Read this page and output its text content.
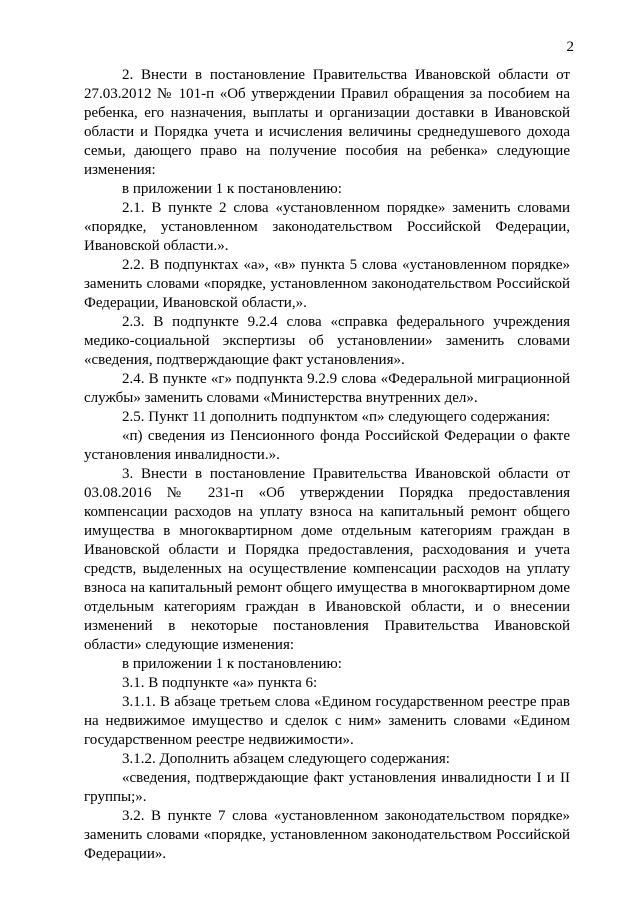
2

2. Внести в постановление Правительства Ивановской области от 27.03.2012 № 101-п «Об утверждении Правил обращения за пособием на ребенка, его назначения, выплаты и организации доставки в Ивановской области и Порядка учета и исчисления величины среднедушевого дохода семьи, дающего право на получение пособия на ребенка» следующие изменения:

в приложении 1 к постановлению:

2.1. В пункте 2 слова «установленном порядке» заменить словами «порядке, установленном законодательством Российской Федерации, Ивановской области.».

2.2. В подпунктах «а», «в» пункта 5 слова «установленном порядке» заменить словами «порядке, установленном законодательством Российской Федерации, Ивановской области,».

2.3. В подпункте 9.2.4 слова «справка федерального учреждения медико-социальной экспертизы об установлении» заменить словами «сведения, подтверждающие факт установления».

2.4. В пункте «г» подпункта 9.2.9 слова «Федеральной миграционной службы» заменить словами «Министерства внутренних дел».

2.5. Пункт 11 дополнить подпунктом «п» следующего содержания:

«п) сведения из Пенсионного фонда Российской Федерации о факте установления инвалидности.».

3. Внести в постановление Правительства Ивановской области от 03.08.2016 № 231-п «Об утверждении Порядка предоставления компенсации расходов на уплату взноса на капитальный ремонт общего имущества в многоквартирном доме отдельным категориям граждан в Ивановской области и Порядка предоставления, расходования и учета средств, выделенных на осуществление компенсации расходов на уплату взноса на капитальный ремонт общего имущества в многоквартирном доме отдельным категориям граждан в Ивановской области, и о внесении изменений в некоторые постановления Правительства Ивановской области» следующие изменения:

в приложении 1 к постановлению:

3.1. В подпункте «а» пункта 6:

3.1.1. В абзаце третьем слова «Едином государственном реестре прав на недвижимое имущество и сделок с ним» заменить словами «Едином государственном реестре недвижимости».

3.1.2. Дополнить абзацем следующего содержания:

«сведения, подтверждающие факт установления инвалидности I и II группы;».

3.2. В пункте 7 слова «установленном законодательством порядке» заменить словами «порядке, установленном законодательством Российской Федерации».
